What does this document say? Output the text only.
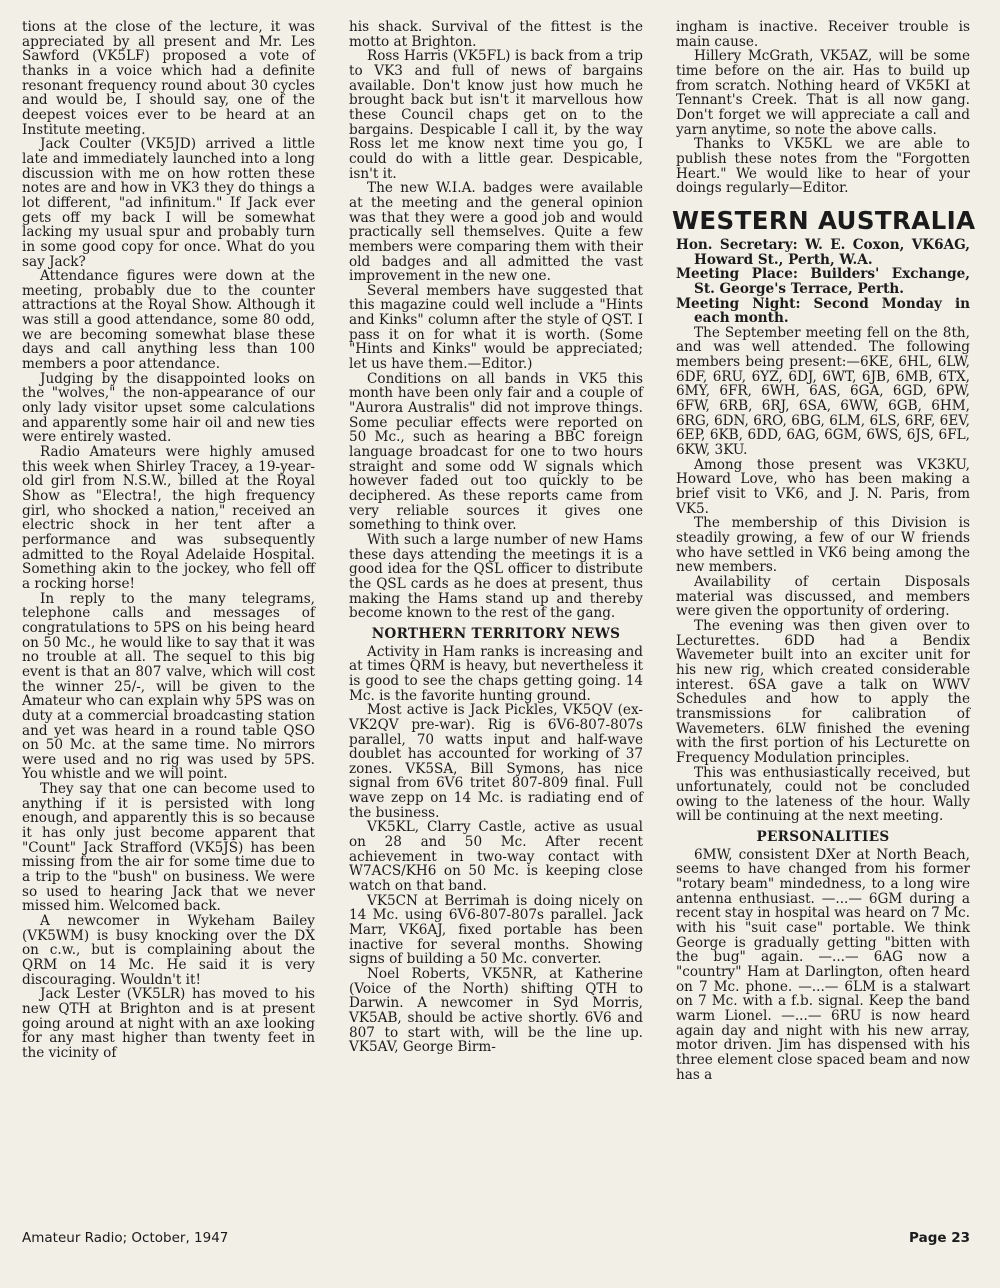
tions at the close of the lecture, it was appreciated by all present and Mr. Les Sawford (VK5LF) proposed a vote of thanks in a voice which had a definite resonant frequency round about 30 cycles and would be, I should say, one of the deepest voices ever to be heard at an Institute meeting.

Jack Coulter (VK5JD) arrived a little late and immediately launched into a long discussion with me on how rotten these notes are and how in VK3 they do things a lot different, "ad infinitum." If Jack ever gets off my back I will be somewhat lacking my usual spur and probably turn in some good copy for once. What do you say Jack?

Attendance figures were down at the meeting, probably due to the counter attractions at the Royal Show. Although it was still a good attendance, some 80 odd, we are becoming somewhat blase these days and call anything less than 100 members a poor attendance.

Judging by the disappointed looks on the "wolves," the non-appearance of our only lady visitor upset some calculations and apparently some hair oil and new ties were entirely wasted.

Radio Amateurs were highly amused this week when Shirley Tracey, a 19-year-old girl from N.S.W., billed at the Royal Show as "Electra!, the high frequency girl, who shocked a nation," received an electric shock in her tent after a performance and was subsequently admitted to the Royal Adelaide Hospital. Something akin to the jockey, who fell off a rocking horse!

In reply to the many telegrams, telephone calls and messages of congratulations to 5PS on his being heard on 50 Mc., he would like to say that it was no trouble at all. The sequel to this big event is that an 807 valve, which will cost the winner 25/-, will be given to the Amateur who can explain why 5PS was on duty at a commercial broadcasting station and yet was heard in a round table QSO on 50 Mc. at the same time. No mirrors were used and no rig was used by 5PS. You whistle and we will point.

They say that one can become used to anything if it is persisted with long enough, and apparently this is so because it has only just become apparent that "Count" Jack Strafford (VK5JS) has been missing from the air for some time due to a trip to the "bush" on business. We were so used to hearing Jack that we never missed him. Welcomed back.

A newcomer in Wykeham Bailey (VK5WM) is busy knocking over the DX on c.w., but is complaining about the QRM on 14 Mc. He said it is very discouraging. Wouldn't it!

Jack Lester (VK5LR) has moved to his new QTH at Brighton and is at present going around at night with an axe looking for any mast higher than twenty feet in the vicinity of

his shack. Survival of the fittest is the motto at Brighton.

Ross Harris (VK5FL) is back from a trip to VK3 and full of news of bargains available. Don't know just how much he brought back but isn't it marvellous how these Council chaps get on to the bargains. Despicable I call it, by the way Ross let me know next time you go, I could do with a little gear. Despicable, isn't it.

The new W.I.A. badges were available at the meeting and the general opinion was that they were a good job and would practically sell themselves. Quite a few members were comparing them with their old badges and all admitted the vast improvement in the new one.

Several members have suggested that this magazine could well include a "Hints and Kinks" column after the style of QST. I pass it on for what it is worth. (Some "Hints and Kinks" would be appreciated; let us have them.—Editor.)

Conditions on all bands in VK5 this month have been only fair and a couple of "Aurora Australis" did not improve things. Some peculiar effects were reported on 50 Mc., such as hearing a BBC foreign language broadcast for one to two hours straight and some odd W signals which however faded out too quickly to be deciphered. As these reports came from very reliable sources it gives one something to think over.

With such a large number of new Hams these days attending the meetings it is a good idea for the QSL officer to distribute the QSL cards as he does at present, thus making the Hams stand up and thereby become known to the rest of the gang.

NORTHERN TERRITORY NEWS

Activity in Ham ranks is increasing and at times QRM is heavy, but nevertheless it is good to see the chaps getting going. 14 Mc. is the favorite hunting ground.

Most active is Jack Pickles, VK5QV (ex-VK2QV pre-war). Rig is 6V6-807-807s parallel, 70 watts input and half-wave doublet has accounted for working of 37 zones. VK5SA, Bill Symons, has nice signal from 6V6 tritet 807-809 final. Full wave zepp on 14 Mc. is radiating end of the business.

VK5KL, Clarry Castle, active as usual on 28 and 50 Mc. After recent achievement in two-way contact with W7ACS/KH6 on 50 Mc. is keeping close watch on that band.

VK5CN at Berrimah is doing nicely on 14 Mc. using 6V6-807-807s parallel. Jack Marr, VK6AJ, fixed portable has been inactive for several months. Showing signs of building a 50 Mc. converter.

Noel Roberts, VK5NR, at Katherine (Voice of the North) shifting QTH to Darwin. A newcomer in Syd Morris, VK5AB, should be active shortly. 6V6 and 807 to start with, will be the line up. VK5AV, George Birm-

ingham is inactive. Receiver trouble is main cause.

Hillery McGrath, VK5AZ, will be some time before on the air. Has to build up from scratch. Nothing heard of VK5KI at Tennant's Creek. That is all now gang. Don't forget we will appreciate a call and yarn anytime, so note the above calls.

Thanks to VK5KL we are able to publish these notes from the "Forgotten Heart." We would like to hear of your doings regularly—Editor.

WESTERN AUSTRALIA

Hon. Secretary: W. E. Coxon, VK6AG, Howard St., Perth, W.A.

Meeting Place: Builders' Exchange, St. George's Terrace, Perth.

Meeting Night: Second Monday in each month.

The September meeting fell on the 8th, and was well attended. The following members being present:—6KE, 6HL, 6LW, 6DF, 6RU, 6YZ, 6DJ, 6WT, 6JB, 6MB, 6TX, 6MY, 6FR, 6WH, 6AS, 6GA, 6GD, 6PW, 6FW, 6RB, 6RJ, 6SA, 6WW, 6GB, 6HM, 6RG, 6DN, 6RO, 6BG, 6LM, 6LS, 6RF, 6EV, 6EP, 6KB, 6DD, 6AG, 6GM, 6WS, 6JS, 6FL, 6KW, 3KU.

Among those present was VK3KU, Howard Love, who has been making a brief visit to VK6, and J. N. Paris, from VK5.

The membership of this Division is steadily growing, a few of our W friends who have settled in VK6 being among the new members.

Availability of certain Disposals material was discussed, and members were given the opportunity of ordering.

The evening was then given over to Lecturettes. 6DD had a Bendix Wavemeter built into an exciter unit for his new rig, which created considerable interest. 6SA gave a talk on WWV Schedules and how to apply the transmissions for calibration of Wavemeters. 6LW finished the evening with the first portion of his Lecturette on Frequency Modulation principles.

This was enthusiastically received, but unfortunately, could not be concluded owing to the lateness of the hour. Wally will be continuing at the next meeting.

PERSONALITIES

6MW, consistent DXer at North Beach, seems to have changed from his former "rotary beam" mindedness, to a long wire antenna enthusiast. —...— 6GM during a recent stay in hospital was heard on 7 Mc. with his "suit case" portable. We think George is gradually getting "bitten with the bug" again. —...— 6AG now a "country" Ham at Darlington, often heard on 7 Mc. phone. —...— 6LM is a stalwart on 7 Mc. with a f.b. signal. Keep the band warm Lionel. —...— 6RU is now heard again day and night with his new array, motor driven. Jim has dispensed with his three element close spaced beam and now has a

Amateur Radio; October, 1947	Page 23
